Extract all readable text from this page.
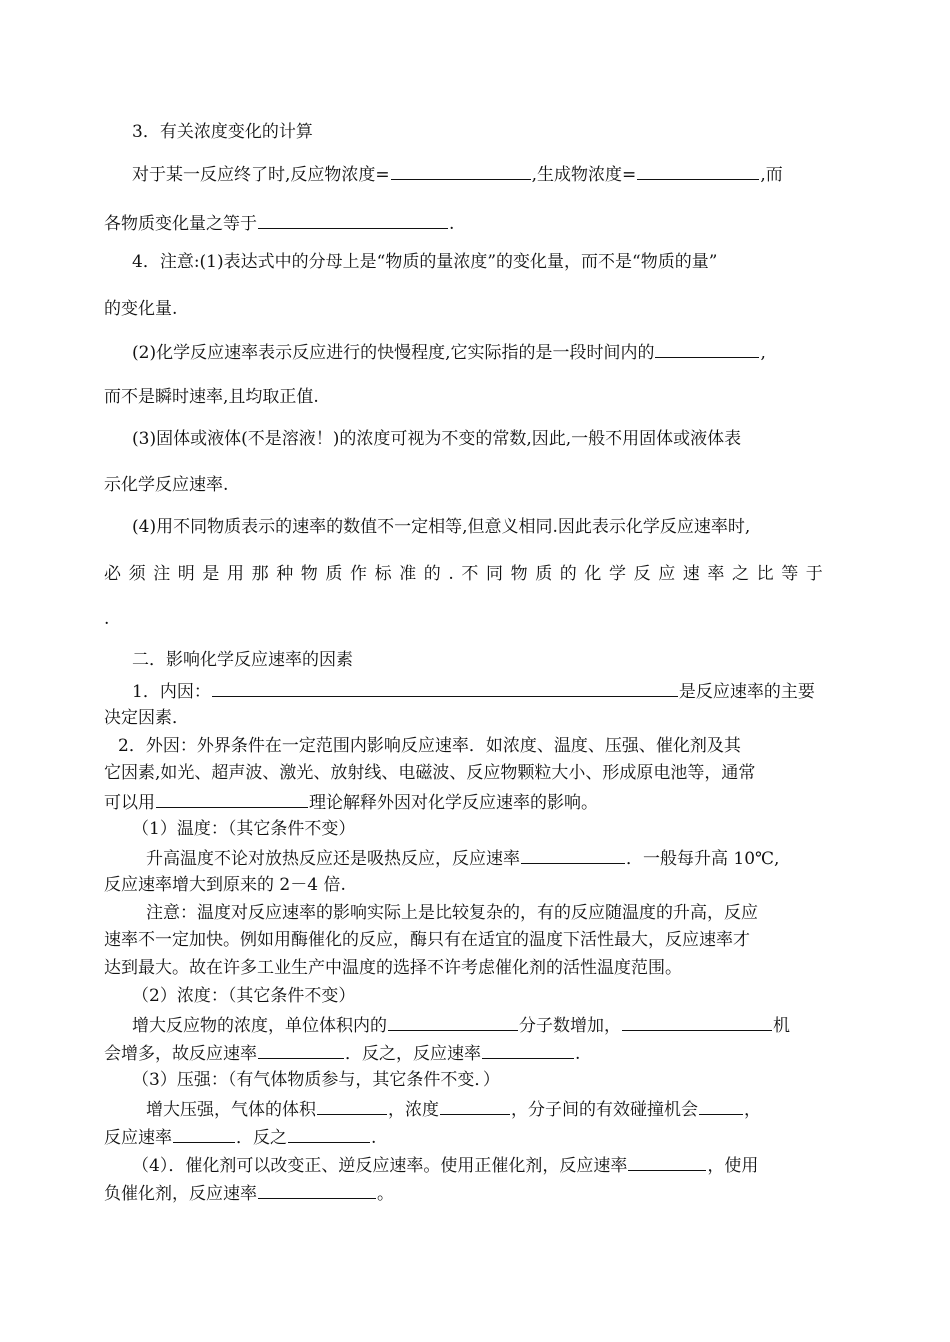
3．有关浓度变化的计算
对于某一反应终了时,反应物浓度=	,生成物浓度=	,而
各物质变化量之等于	.
4．注意:(1)表达式中的分母上是“物质的量浓度”的变化量，而不是“物质的量”
的变化量.
(2)化学反应速率表示反应进行的快慢程度,它实际指的是一段时间内的	,
而不是瞬时速率,且均取正值.
(3)固体或液体(不是溶液！)的浓度可视为不变的常数,因此,一般不用固体或液体表
示化学反应速率.
(4)用不同物质表示的速率的数值不一定相等,但意义相同.因此表示化学反应速率时,
必须注明是用那种物质作标准的.不同物质的化学反应速率之比等于
.
二．影响化学反应速率的因素
1．内因：	是反应速率的主要
决定因素．
2．外因：外界条件在一定范围内影响反应速率．如浓度、温度、压强、催化剂及其
它因素,如光、超声波、激光、放射线、电磁波、反应物颗粒大小、形成原电池等，通常
可以用	理论解释外因对化学反应速率的影响。
（1）温度：（其它条件不变）
升高温度不论对放热反应还是吸热反应，反应速率	．一般每升高 10℃,
反应速率增大到原来的 2－4 倍.
注意：温度对反应速率的影响实际上是比较复杂的，有的反应随温度的升高，反应
速率不一定加快。例如用酶催化的反应，酶只有在适宜的温度下活性最大，反应速率才
达到最大。故在许多工业生产中温度的选择不许考虑催化剂的活性温度范围。
（2）浓度：（其它条件不变）
增大反应物的浓度，单位体积内的	分子数增加，	机
会增多，故反应速率	．反之，反应速率	.
（3）压强：（有气体物质参与，其它条件不变．）
增大压强，气体的体积	，浓度	，分子间的有效碰撞机会	，
反应速率	．反之	.
（4）．催化剂可以改变正、逆反应速率。使用正催化剂，反应速率	，使用
负催化剂，反应速率	。
